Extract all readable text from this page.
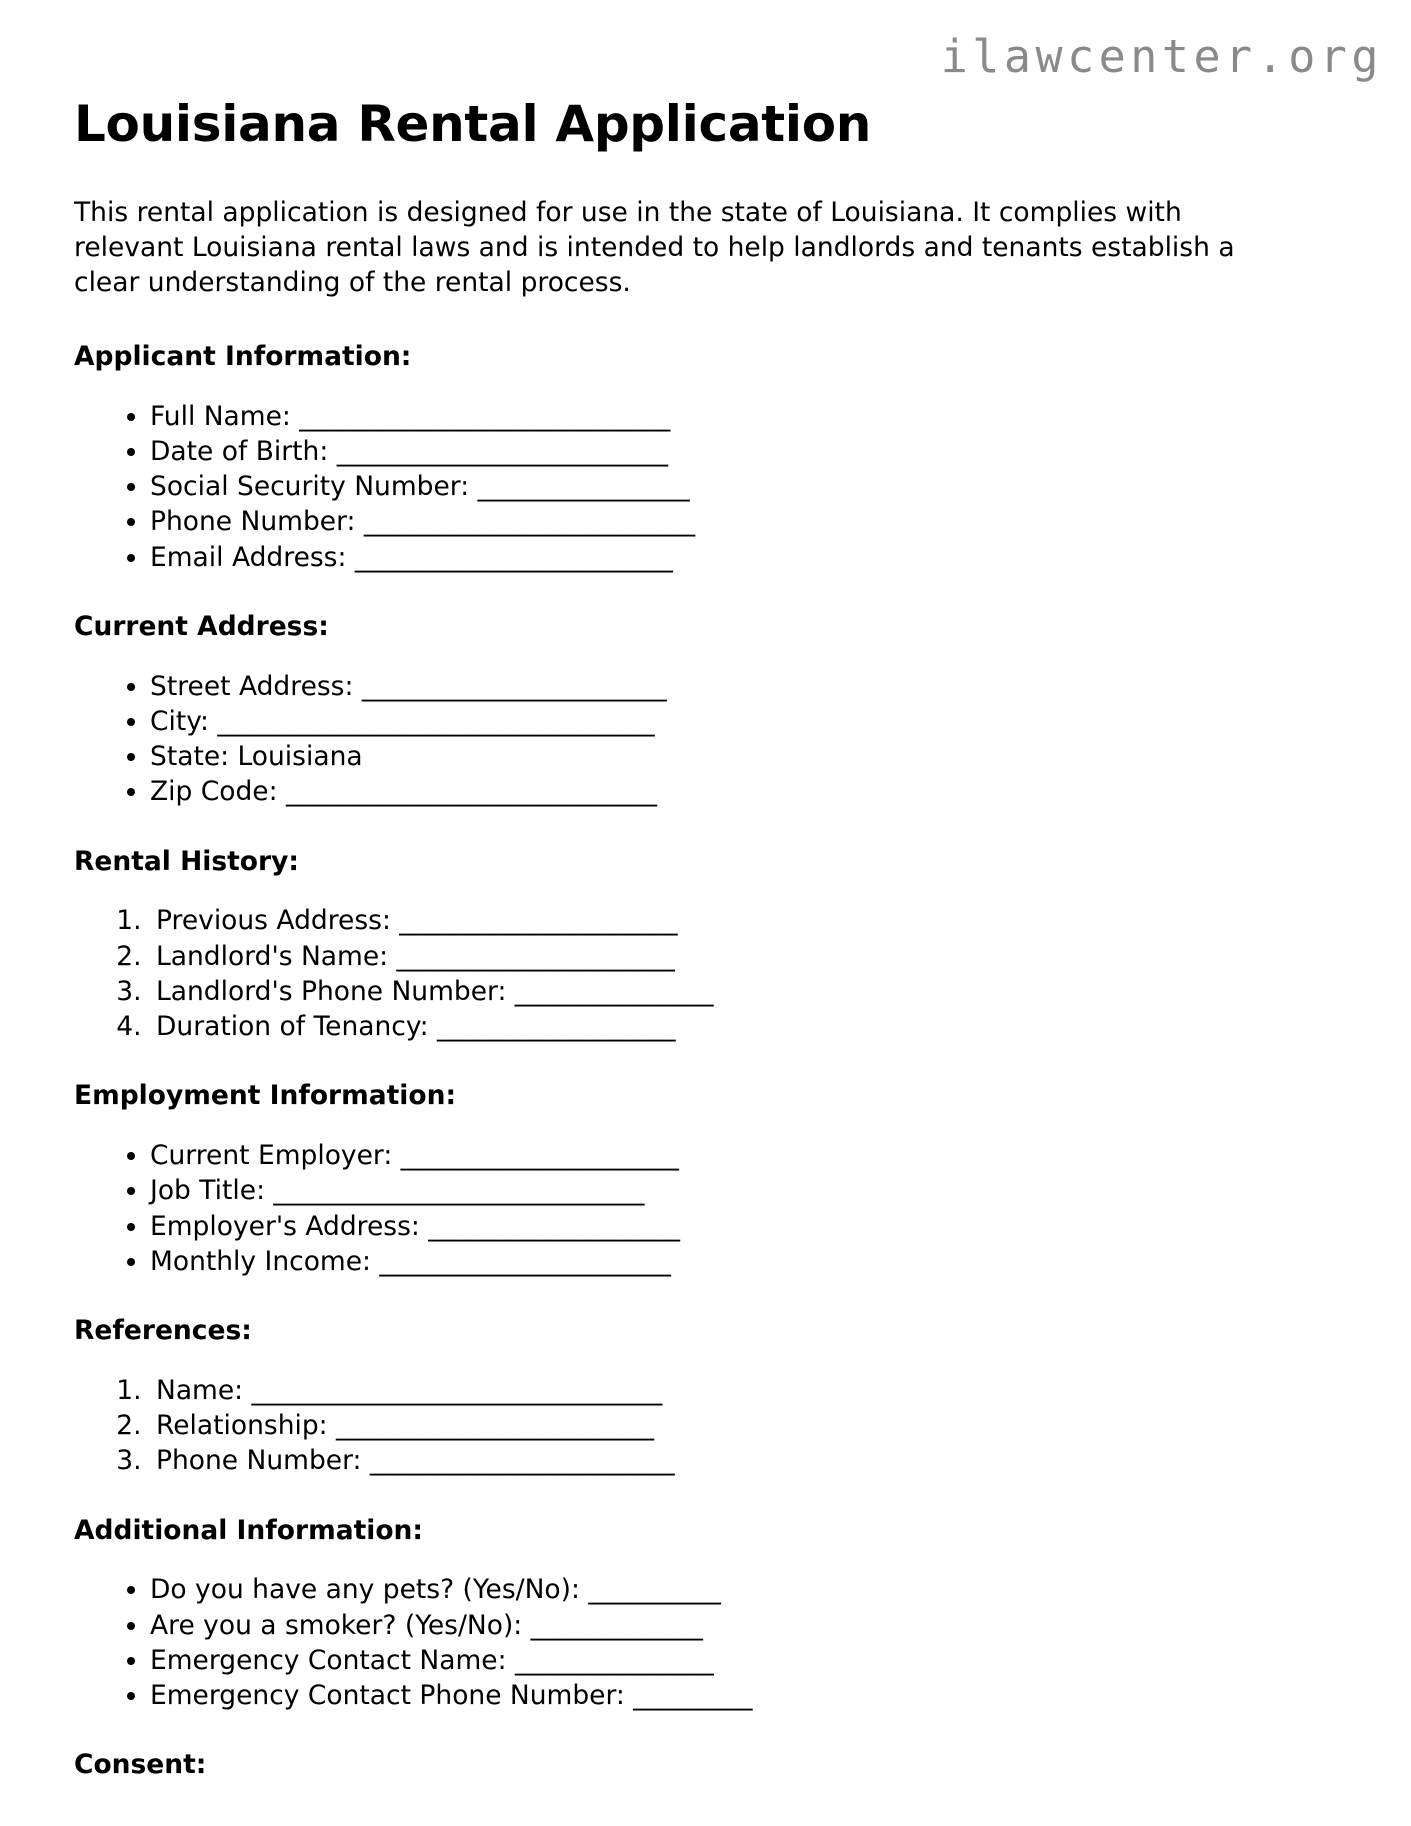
ilawcenter.org
Louisiana Rental Application

This rental application is designed for use in the state of Louisiana. It complies with relevant Louisiana rental laws and is intended to help landlords and tenants establish a clear understanding of the rental process.

Applicant Information:
• Full Name: ____________________________
• Date of Birth: _________________________
• Social Security Number: ________________
• Phone Number: _________________________
• Email Address: ________________________
Current Address:
• Street Address: _______________________
• City: _________________________________
• State: Louisiana
• Zip Code: ____________________________
Rental History:
1. Previous Address: _____________________
2. Landlord's Name: _____________________
3. Landlord's Phone Number: _______________
4. Duration of Tenancy: __________________
Employment Information:
• Current Employer: _____________________
• Job Title: ____________________________
• Employer's Address: ___________________
• Monthly Income: ______________________
References:
1. Name: _______________________________
2. Relationship: ________________________
3. Phone Number: _______________________
Additional Information:
• Do you have any pets? (Yes/No): __________
• Are you a smoker? (Yes/No): _____________
• Emergency Contact Name: _______________
• Emergency Contact Phone Number: _________
Consent:
